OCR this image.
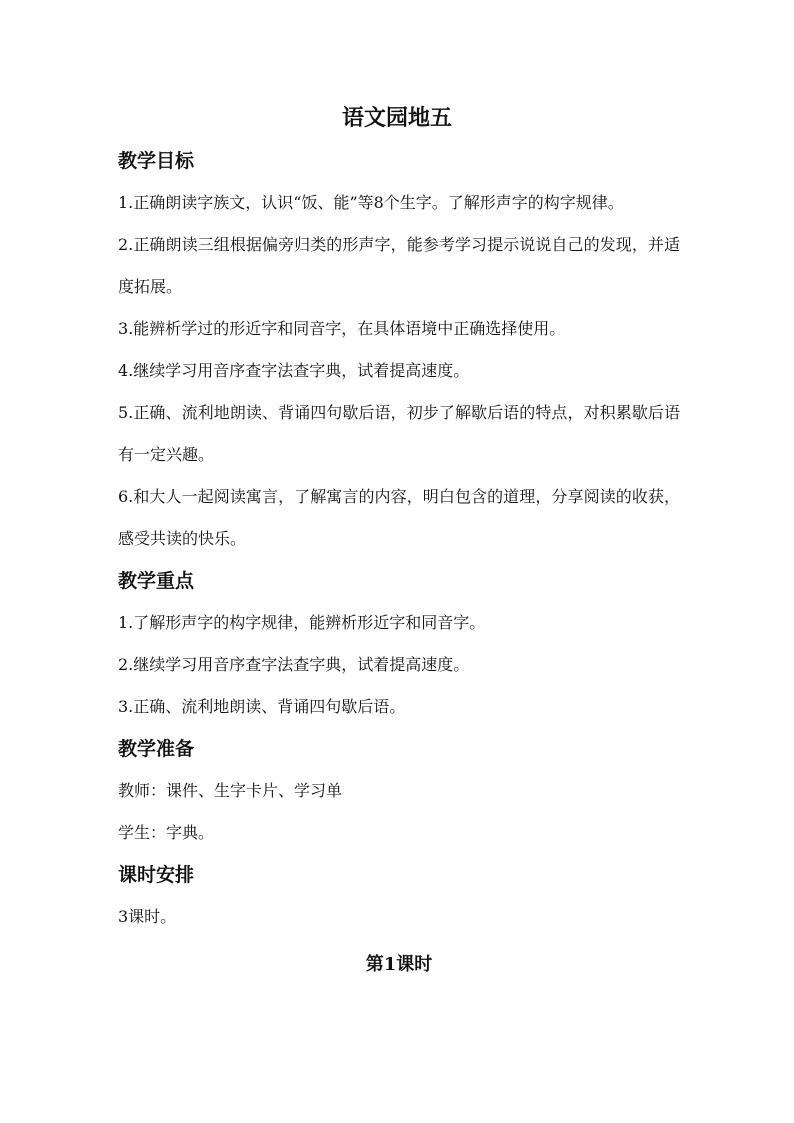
语文园地五

教学目标

1.正确朗读字族文，认识“饭、能”等8个生字。了解形声字的构字规律。

2.正确朗读三组根据偏旁归类的形声字，能参考学习提示说说自己的发现，并适度拓展。

3.能辨析学过的形近字和同音字，在具体语境中正确选择使用。

4.继续学习用音序查字法查字典，试着提高速度。

5.正确、流利地朗读、背诵四句歇后语，初步了解歇后语的特点，对积累歇后语有一定兴趣。

6.和大人一起阅读寓言，了解寓言的内容，明白包含的道理，分享阅读的收获，感受共读的快乐。

教学重点

1.了解形声字的构字规律，能辨析形近字和同音字。

2.继续学习用音序查字法查字典，试着提高速度。

3.正确、流利地朗读、背诵四句歇后语。

教学准备

教师：课件、生字卡片、学习单

学生：字典。

课时安排

3课时。

第1课时
